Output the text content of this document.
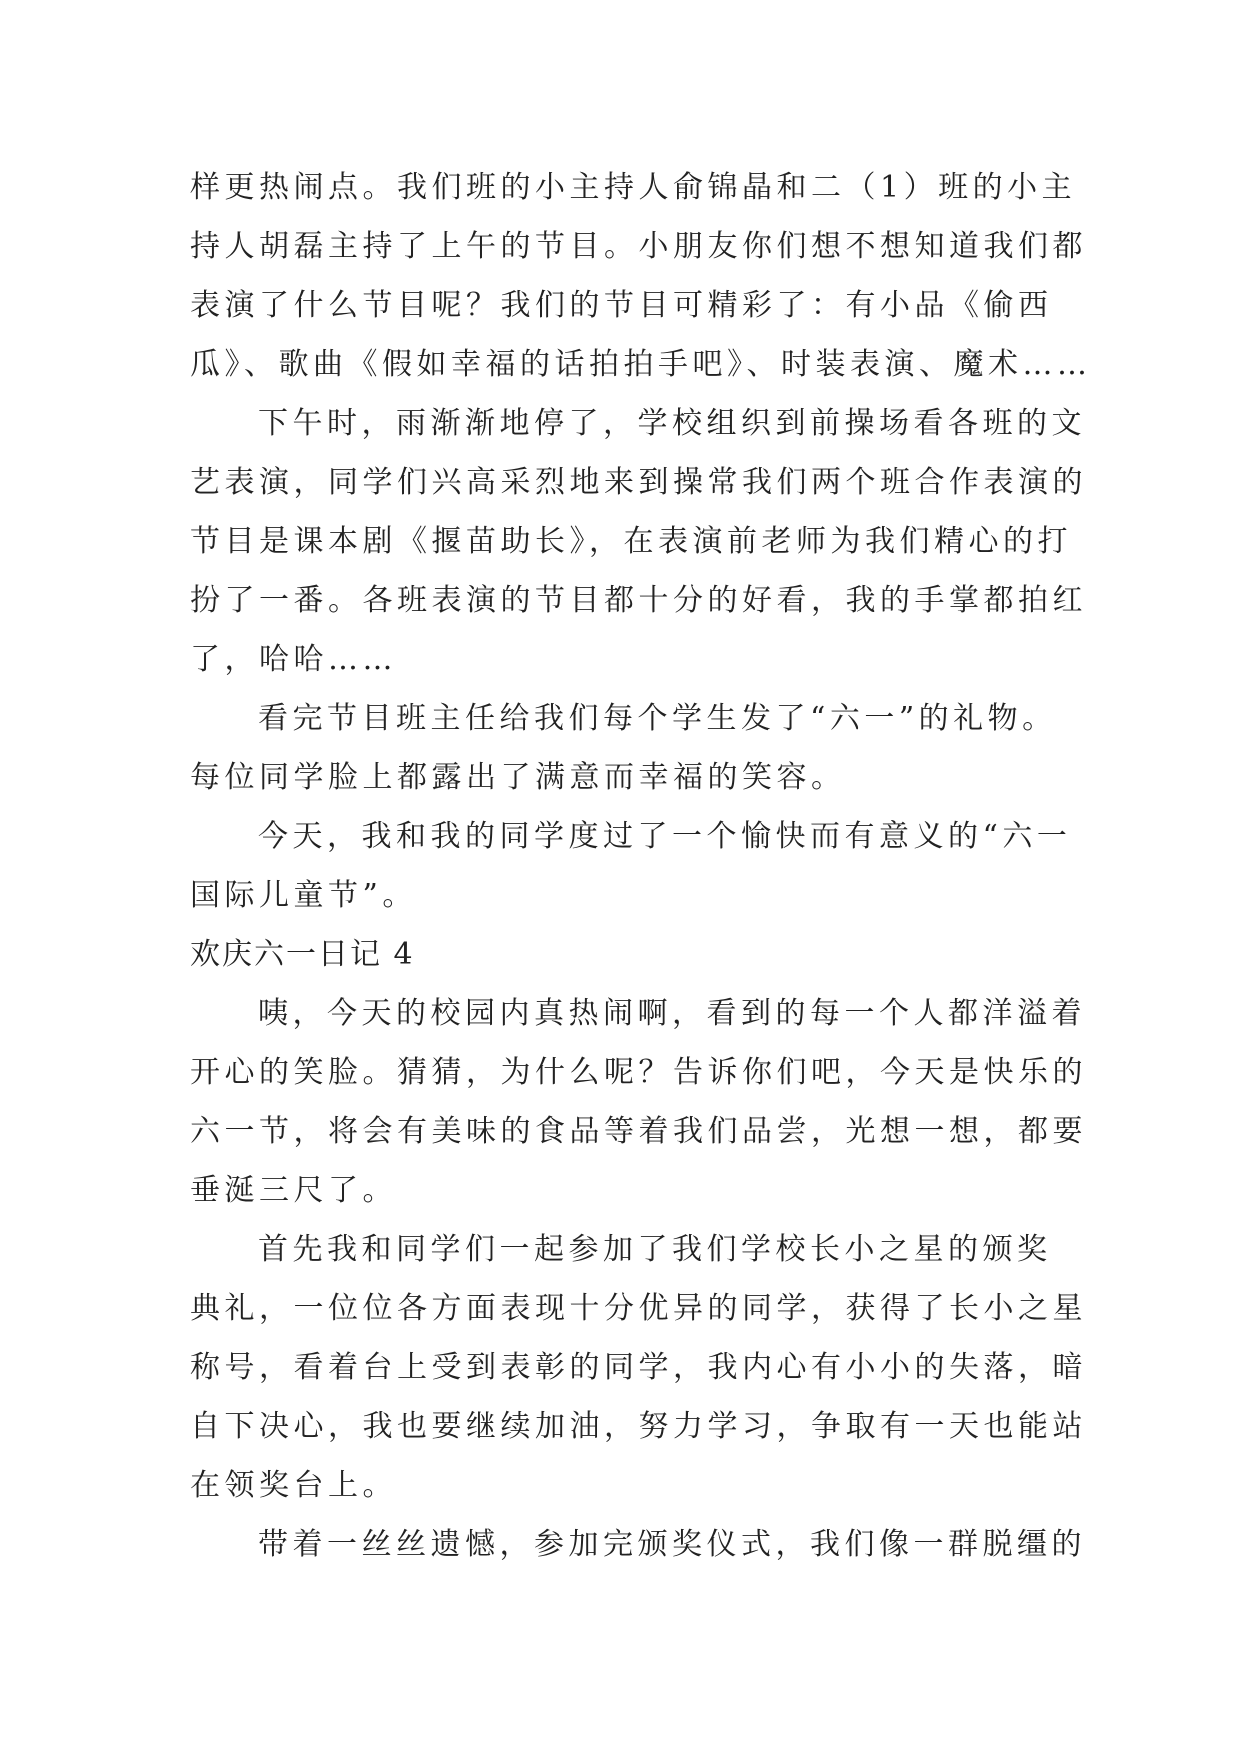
样更热闹点。我们班的小主持人俞锦晶和二（1）班的小主
持人胡磊主持了上午的节目。小朋友你们想不想知道我们都
表演了什么节目呢？我们的节目可精彩了：有小品《偷西
瓜》、歌曲《假如幸福的话拍拍手吧》、时装表演、魔术……
下午时，雨渐渐地停了，学校组织到前操场看各班的文
艺表演，同学们兴高采烈地来到操常我们两个班合作表演的
节目是课本剧《揠苗助长》，在表演前老师为我们精心的打
扮了一番。各班表演的节目都十分的好看，我的手掌都拍红
了，哈哈……
看完节目班主任给我们每个学生发了“六一”的礼物。
每位同学脸上都露出了满意而幸福的笑容。
今天，我和我的同学度过了一个愉快而有意义的“六一
国际儿童节”。
欢庆六一日记 4
咦，今天的校园内真热闹啊，看到的每一个人都洋溢着
开心的笑脸。猜猜，为什么呢？告诉你们吧，今天是快乐的
六一节，将会有美味的食品等着我们品尝，光想一想，都要
垂涎三尺了。
首先我和同学们一起参加了我们学校长小之星的颁奖
典礼，一位位各方面表现十分优异的同学，获得了长小之星
称号，看着台上受到表彰的同学，我内心有小小的失落，暗
自下决心，我也要继续加油，努力学习，争取有一天也能站
在领奖台上。
带着一丝丝遗憾，参加完颁奖仪式，我们像一群脱缰的
